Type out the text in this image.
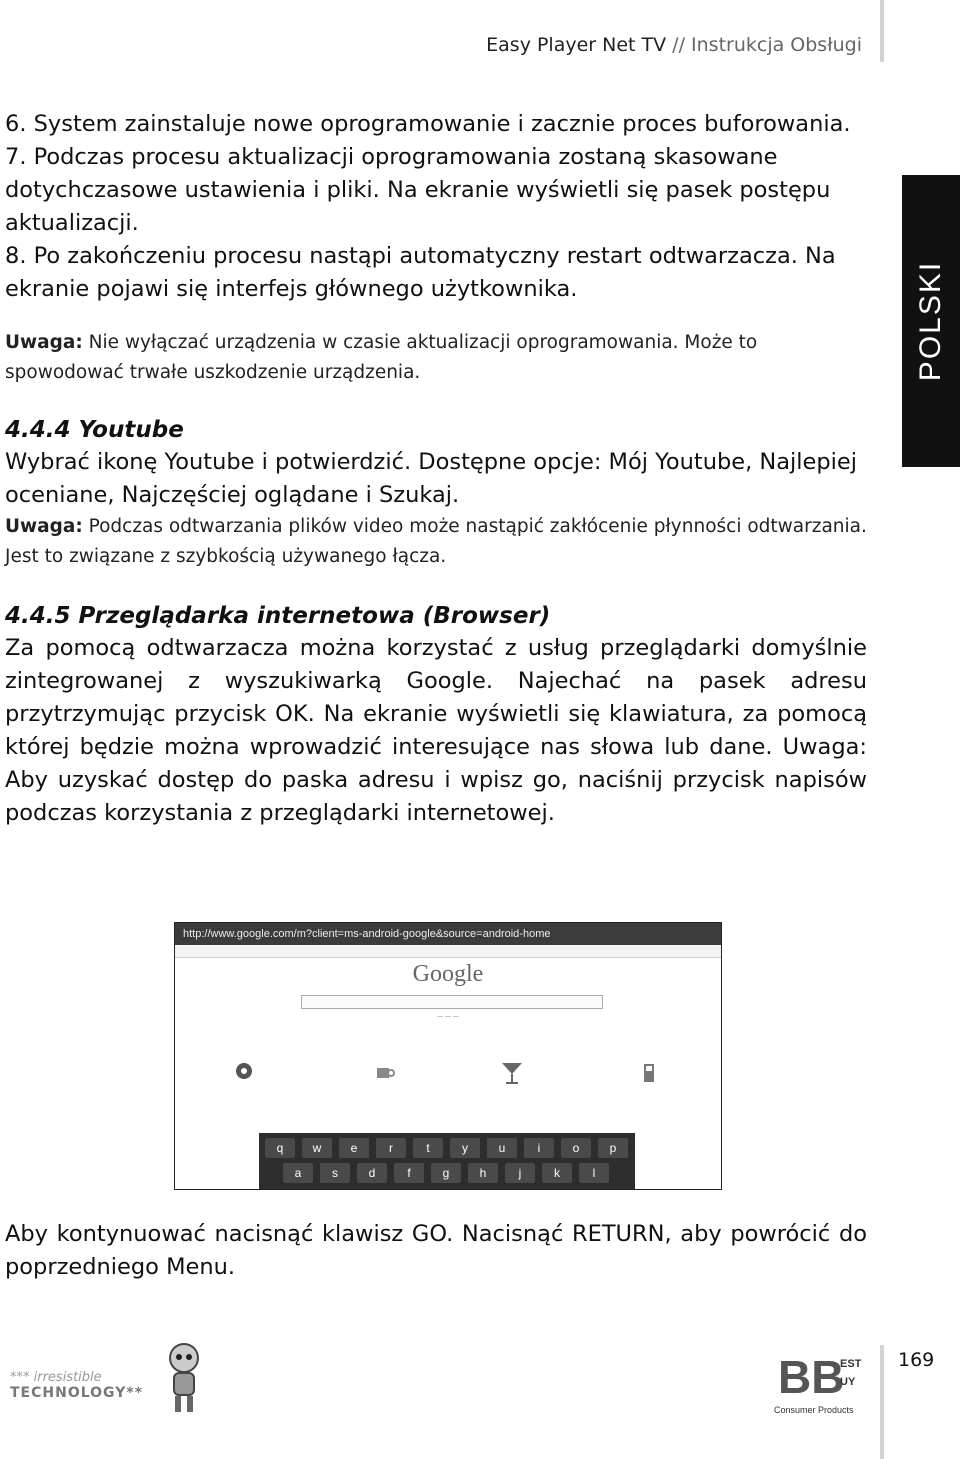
Easy Player Net TV // Instrukcja Obsługi
POLSKI

6. System zainstaluje nowe oprogramowanie i zacznie proces buforowania.

7. Podczas procesu aktualizacji oprogramowania zostaną skasowane dotychczasowe ustawienia i pliki. Na ekranie wyświetli się pasek postępu aktualizacji.

8. Po zakończeniu procesu nastąpi automatyczny restart odtwarzacza. Na ekranie pojawi się interfejs głównego użytkownika.

Uwaga: Nie wyłączać urządzenia w czasie aktualizacji oprogramowania. Może to spowodować trwałe uszkodzenie urządzenia.

4.4.4 Youtube

Wybrać ikonę Youtube i potwierdzić. Dostępne opcje: Mój Youtube, Najlepiej oceniane, Najczęściej oglądane i Szukaj.

Uwaga: Podczas odtwarzania plików video może nastąpić zakłócenie płynności odtwarzania. Jest to związane z szybkością używanego łącza.

4.4.5 Przeglądarka internetowa (Browser)

Za pomocą odtwarzacza można korzystać z usług przeglądarki domyślnie zintegrowanej z wyszukiwarką Google. Najechać na pasek adresu przytrzymując przycisk OK. Na ekranie wyświetli się klawiatura, za pomocą której będzie można wprowadzić interesujące nas słowa lub dane. Uwaga: Aby uzyskać dostęp do paska adresu i wpisz go, naciśnij przycisk napisów podczas korzystania z przeglądarki internetowej.

http://www.google.com/m?client=ms-android-google&source=android-home
Google
— — —
q	w	e	r	t	y	u	i	o	p
a	s	d	f	g	h	j	k	l

Aby kontynuować nacisnąć klawisz GO. Nacisnąć RETURN, aby powrócić do poprzedniego Menu.

169
*** irresistible
TECHNOLOGY**	BB
EST
UY
Consumer Products
